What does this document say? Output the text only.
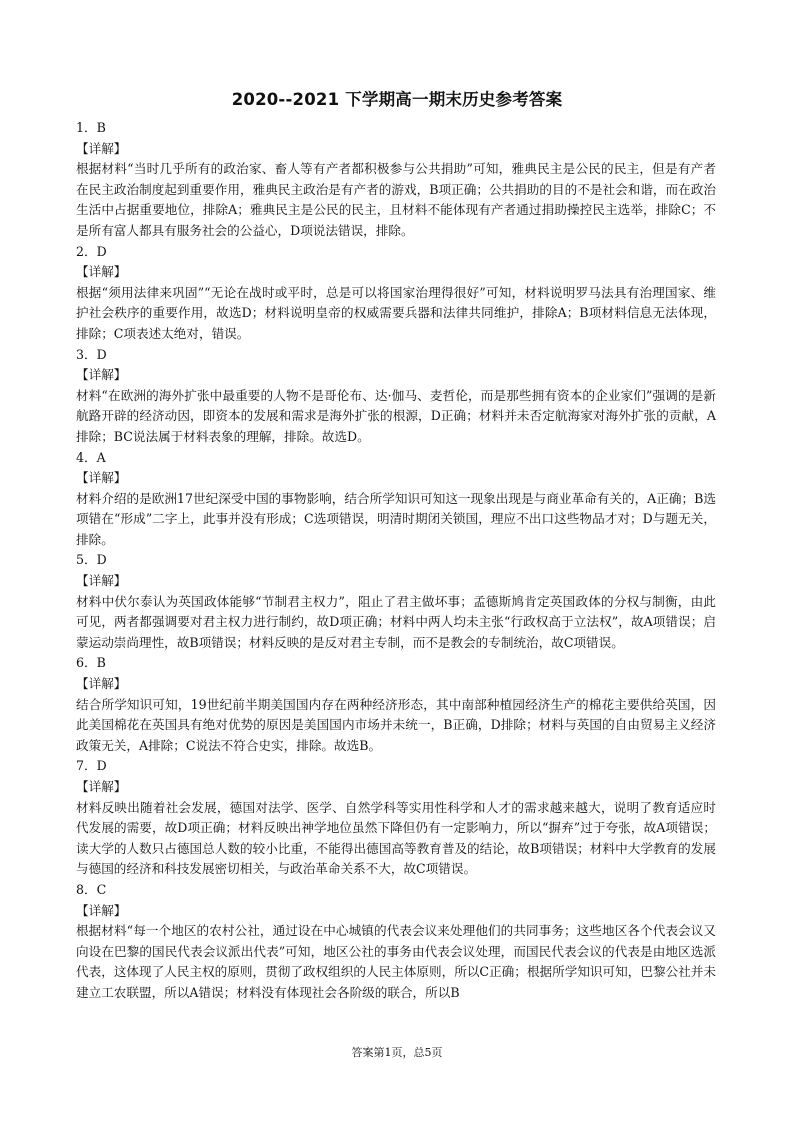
2020--2021 下学期高一期末历史参考答案
1．B
【详解】
根据材料“当时几乎所有的政治家、畜人等有产者都积极参与公共捐助”可知，雅典民主是公民的民主，但是有产者在民主政治制度起到重要作用，雅典民主政治是有产者的游戏，B项正确；公共捐助的目的不是社会和谐，而在政治生活中占据重要地位，排除A；雅典民主是公民的民主，且材料不能体现有产者通过捐助操控民主选举，排除C；不是所有富人都具有服务社会的公益心，D项说法错误，排除。
2．D
【详解】
根据“须用法律来巩固”“无论在战时或平时，总是可以将国家治理得很好”可知，材料说明罗马法具有治理国家、维护社会秩序的重要作用，故选D；材料说明皇帝的权威需要兵器和法律共同维护，排除A；B项材料信息无法体现，排除；C项表述太绝对，错误。
3．D
【详解】
材料“在欧洲的海外扩张中最重要的人物不是哥伦布、达·伽马、麦哲伦，而是那些拥有资本的企业家们”强调的是新航路开辟的经济动因，即资本的发展和需求是海外扩张的根源，D正确；材料并未否定航海家对海外扩张的贡献，A排除；BC说法属于材料表象的理解，排除。故选D。
4．A
【详解】
材料介绍的是欧洲17世纪深受中国的事物影响，结合所学知识可知这一现象出现是与商业革命有关的，A正确；B选项错在“形成”二字上，此事并没有形成；C选项错误，明清时期闭关锁国，理应不出口这些物品才对；D与题无关，排除。
5．D
【详解】
材料中伏尔泰认为英国政体能够“节制君主权力”，阻止了君主做坏事；孟德斯鸠肯定英国政体的分权与制衡，由此可见，两者都强调要对君主权力进行制约，故D项正确；材料中两人均未主张“行政权高于立法权”，故A项错误；启蒙运动崇尚理性，故B项错误；材料反映的是反对君主专制，而不是教会的专制统治，故C项错误。
6．B
【详解】
结合所学知识可知，19世纪前半期美国国内存在两种经济形态，其中南部种植园经济生产的棉花主要供给英国，因此美国棉花在英国具有绝对优势的原因是美国国内市场并未统一，B正确，D排除；材料与英国的自由贸易主义经济政策无关，A排除；C说法不符合史实，排除。故选B。
7．D
【详解】
材料反映出随着社会发展，德国对法学、医学、自然学科等实用性科学和人才的需求越来越大，说明了教育适应时代发展的需要，故D项正确；材料反映出神学地位虽然下降但仍有一定影响力，所以“摒弃”过于夸张，故A项错误；读大学的人数只占德国总人数的较小比重，不能得出德国高等教育普及的结论，故B项错误；材料中大学教育的发展与德国的经济和科技发展密切相关，与政治革命关系不大，故C项错误。
8．C
【详解】
根据材料“每一个地区的农村公社，通过设在中心城镇的代表会议来处理他们的共同事务；这些地区各个代表会议又向设在巴黎的国民代表会议派出代表”可知，地区公社的事务由代表会议处理，而国民代表会议的代表是由地区选派代表，这体现了人民主权的原则，贯彻了政权组织的人民主体原则，所以C正确；根据所学知识可知，巴黎公社并未建立工农联盟，所以A错误；材料没有体现社会各阶级的联合，所以B
答案第1页，总5页
